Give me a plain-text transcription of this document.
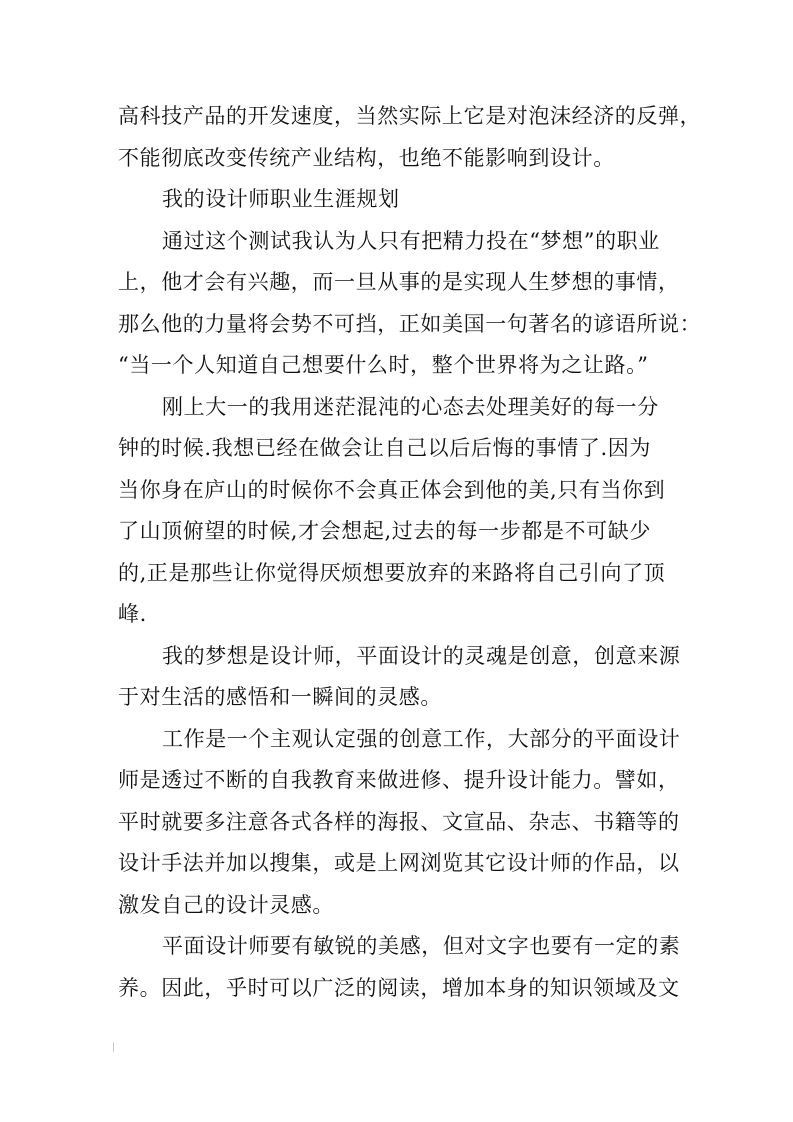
高科技产品的开发速度，当然实际上它是对泡沫经济的反弹，
不能彻底改变传统产业结构，也绝不能影响到设计。

我的设计师职业生涯规划

通过这个测试我认为人只有把精力投在“梦想”的职业
上，他才会有兴趣，而一旦从事的是实现人生梦想的事情，
那么他的力量将会势不可挡，正如美国一句著名的谚语所说：
“当一个人知道自己想要什么时，整个世界将为之让路。”

刚上大一的我用迷茫混沌的心态去处理美好的每一分
钟的时候.我想已经在做会让自己以后后悔的事情了.因为
当你身在庐山的时候你不会真正体会到他的美,只有当你到
了山顶俯望的时候,才会想起,过去的每一步都是不可缺少
的,正是那些让你觉得厌烦想要放弃的来路将自己引向了顶
峰.

我的梦想是设计师，平面设计的灵魂是创意，创意来源
于对生活的感悟和一瞬间的灵感。

工作是一个主观认定强的创意工作，大部分的平面设计
师是透过不断的自我教育来做进修、提升设计能力。譬如，
平时就要多注意各式各样的海报、文宣品、杂志、书籍等的
设计手法并加以搜集，或是上网浏览其它设计师的作品，以
激发自己的设计灵感。

平面设计师要有敏锐的美感，但对文字也要有一定的素
养。因此，乎时可以广泛的阅读，增加本身的知识领域及文
